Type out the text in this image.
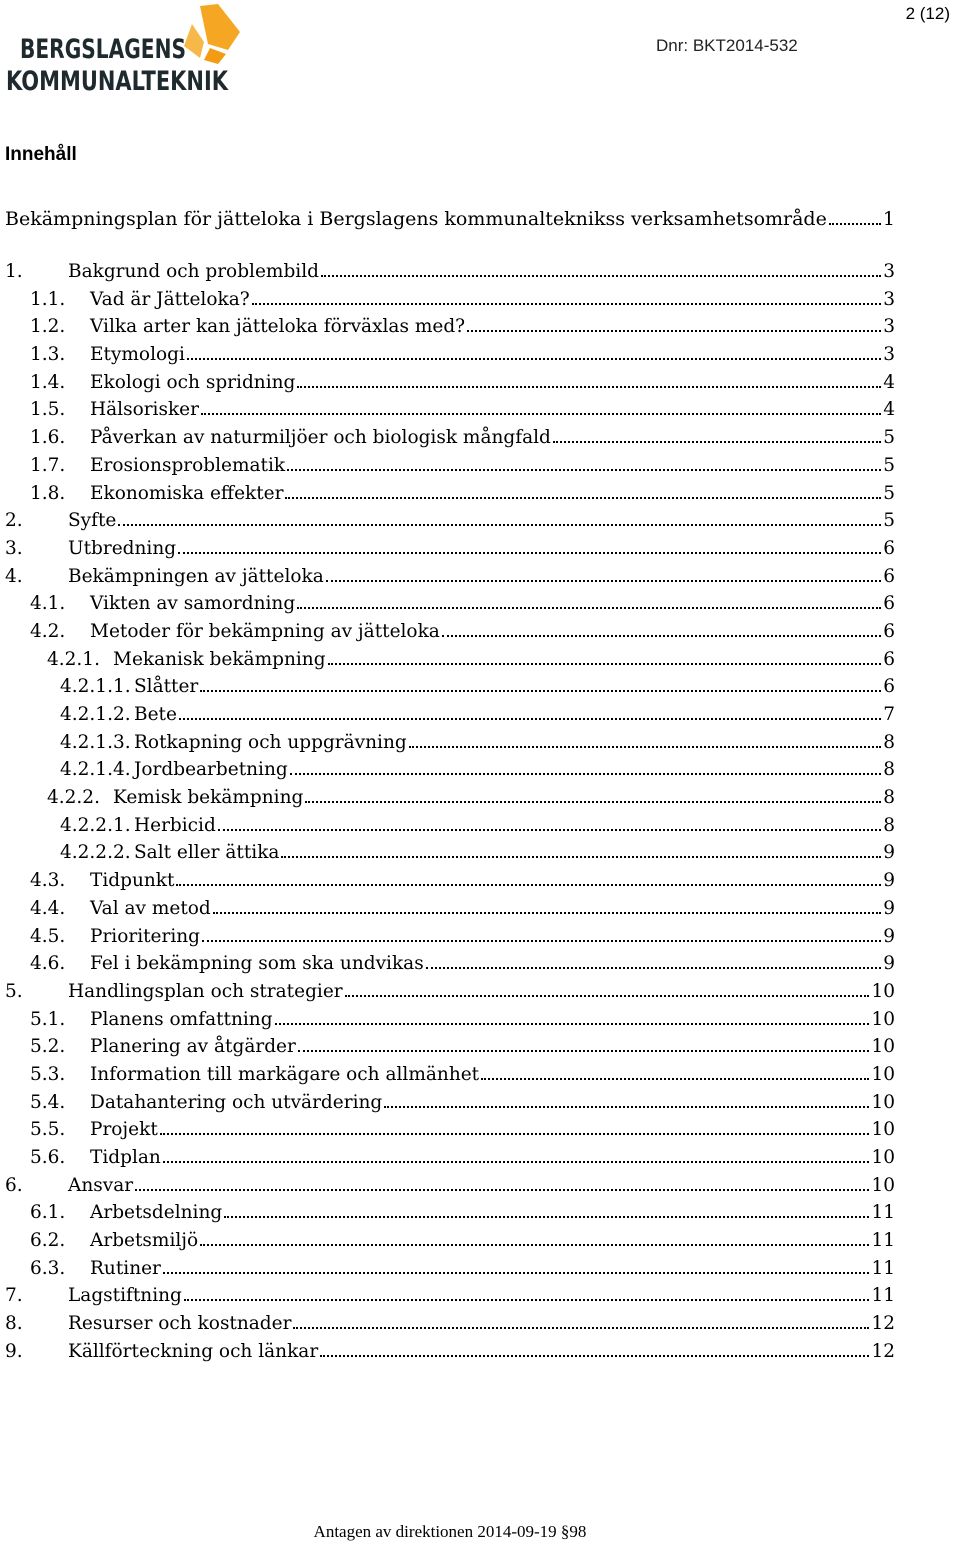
BERGSLAGENS
KOMMUNALTEKNIK
2 (12)
Dnr: BKT2014-532
Innehåll
Bekämpningsplan för jätteloka i Bergslagens kommunalteknikss verksamhetsområde	1
1. Bakgrund och problembild	3
1.1. Vad är Jätteloka?	3
1.2. Vilka arter kan jätteloka förväxlas med?	3
1.3. Etymologi	3
1.4. Ekologi och spridning	4
1.5. Hälsorisker	4
1.6. Påverkan av naturmiljöer och biologisk mångfald	5
1.7. Erosionsproblematik	5
1.8. Ekonomiska effekter	5
2. Syfte	5
3. Utbredning	6
4. Bekämpningen av jätteloka	6
4.1. Vikten av samordning	6
4.2. Metoder för bekämpning av jätteloka	6
4.2.1. Mekanisk bekämpning	6
4.2.1.1. Slåtter	6
4.2.1.2. Bete	7
4.2.1.3. Rotkapning och uppgrävning	8
4.2.1.4. Jordbearbetning	8
4.2.2. Kemisk bekämpning	8
4.2.2.1. Herbicid	8
4.2.2.2. Salt eller ättika	9
4.3. Tidpunkt	9
4.4. Val av metod	9
4.5. Prioritering	9
4.6. Fel i bekämpning som ska undvikas	9
5. Handlingsplan och strategier	10
5.1. Planens omfattning	10
5.2. Planering av åtgärder	10
5.3. Information till markägare och allmänhet	10
5.4. Datahantering och utvärdering	10
5.5. Projekt	10
5.6. Tidplan	10
6. Ansvar	10
6.1. Arbetsdelning	11
6.2. Arbetsmiljö	11
6.3. Rutiner	11
7. Lagstiftning	11
8. Resurser och kostnader	12
9. Källförteckning och länkar	12
Antagen av direktionen 2014-09-19 §98
